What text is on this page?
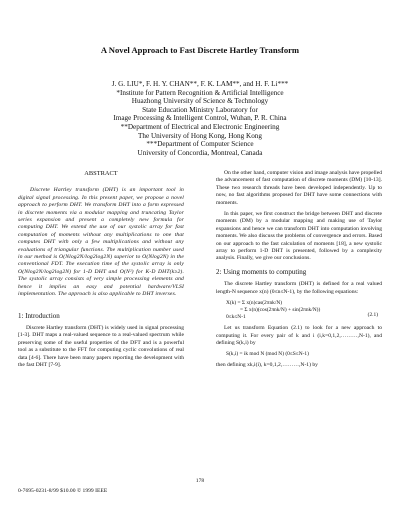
A Novel Approach to Fast Discrete Hartley Transform
J. G. LIU*, F. H. Y. CHAN**, F. K. LAM**, and H. F. Li***
*Institute for Pattern Recognition & Artificial Intelligence
Huazhong University of Science & Technology
State Education Ministry Laboratory for
Image Processing & Intelligent Control, Wuhan, P. R. China
**Department of Electrical and Electronic Engineering
The University of Hong Kong, Hong Kong
***Department of Computer Science
University of Concordia, Montreal, Canada
ABSTRACT

Discrete Hartley transform (DHT) is an important tool in digital signal processing. In this present paper, we propose a novel approach to perform DHT. We transform DHT into a form expressed in discrete moments via a modular mapping and truncating Taylor series expansion and present a completely new formula for computing DHT. We extend the use of our systolic array for fast computation of moments without any multiplications to one that computes DHT with only a few multiplications and without any evaluations of triangular functions. The multiplication number used in our method is O(Nlog2N/log2log2N) superior to O(Nlog2N) in the conventional FDT. The execution time of the systolic array is only O(Nlog2N/log2log2N) for 1-D DHT and O(N²) for K-D DHT(k≥2). The systolic array consists of very simple processing elements and hence it implies an easy and potential hardware/VLSI implementation. The approach is also applicable to DHT inverses.

1: Introduction

Discrete Hartley transform (DHT) is widely used in signal processing [1-3]. DHT maps a real-valued sequence to a real-valued spectrum while preserving some of the useful properties of the DFT and is a powerful tool as a substitute to the FFT for computing cyclic convolutions of real data [4-6]. There have been many papers reporting the development with the fast DHT [7-9].

On the other hand, computer vision and image analysis have propelled the advancement of fast computation of discrete moments (DM) [10-13]. These two research threads have been developed independently. Up to now, no fast algorithms proposed for DHT have some connections with moments.

In this paper, we first construct the bridge between DHT and discrete moments (DM) by a modular mapping and making use of Taylor expansions and hence we can transform DHT into computation involving moments. We also discuss the problems of convergence and errors. Based on our approach to the fast calculation of moments [18], a new systolic array to perform 1-D DHT is presented, followed by a complexity analysis. Finally, we give our conclusions.

2: Using moments to computing

The discrete Hartley transform (DHT) is defined for a real valued length-N sequence x(n) (0≤n≤N-1), by the following equations:

X(k) = Σ x(n)cas(2πnk/N)
= Σ x(n)(cos(2πnk/N) + sin(2πnk/N))
0≤k≤N-1	(2.1)

Let us transform Equation (2.1) to look for a new approach to computing it. For every pair of k and i (i,k=0,1,2,………,N-1), and defining S(k,i) by

S(k,i) = ik mod N (mod N) (0≤S≤N-1)

then defining xk,i(i), k=0,1,2,………,N-1) by

178
0-7695-0231-8/99 $10.00 © 1999 IEEE
